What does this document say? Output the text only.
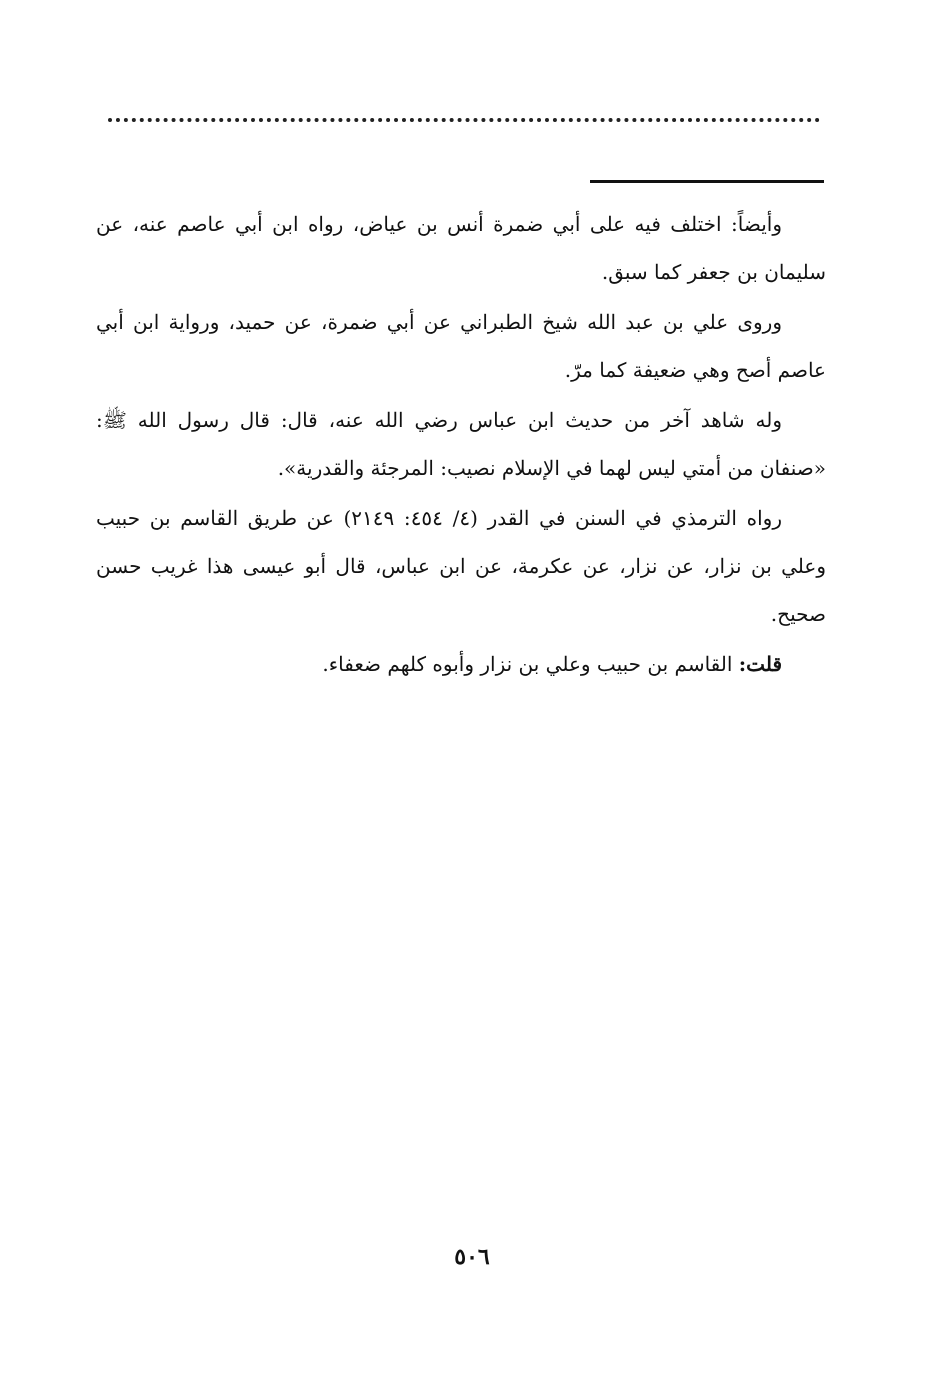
وأيضاً: اختلف فيه على أبي ضمرة أنس بن عياض، رواه ابن أبي عاصم عنه، عن سليمان بن جعفر كما سبق.

وروى علي بن عبد الله شيخ الطبراني عن أبي ضمرة، عن حميد، ورواية ابن أبي عاصم أصح وهي ضعيفة كما مرّ.

وله شاهد آخر من حديث ابن عباس رضي الله عنه، قال: قال رسول الله ﷺ: «صنفان من أمتي ليس لهما في الإسلام نصيب: المرجئة والقدرية».

رواه الترمذي في السنن في القدر (٤/ ٤٥٤: ٢١٤٩) عن طريق القاسم بن حبيب وعلي بن نزار، عن نزار، عن عكرمة، عن ابن عباس، قال أبو عيسى هذا غريب حسن صحيح.

قلت: القاسم بن حبيب وعلي بن نزار وأبوه كلهم ضعفاء.

٥٠٦
